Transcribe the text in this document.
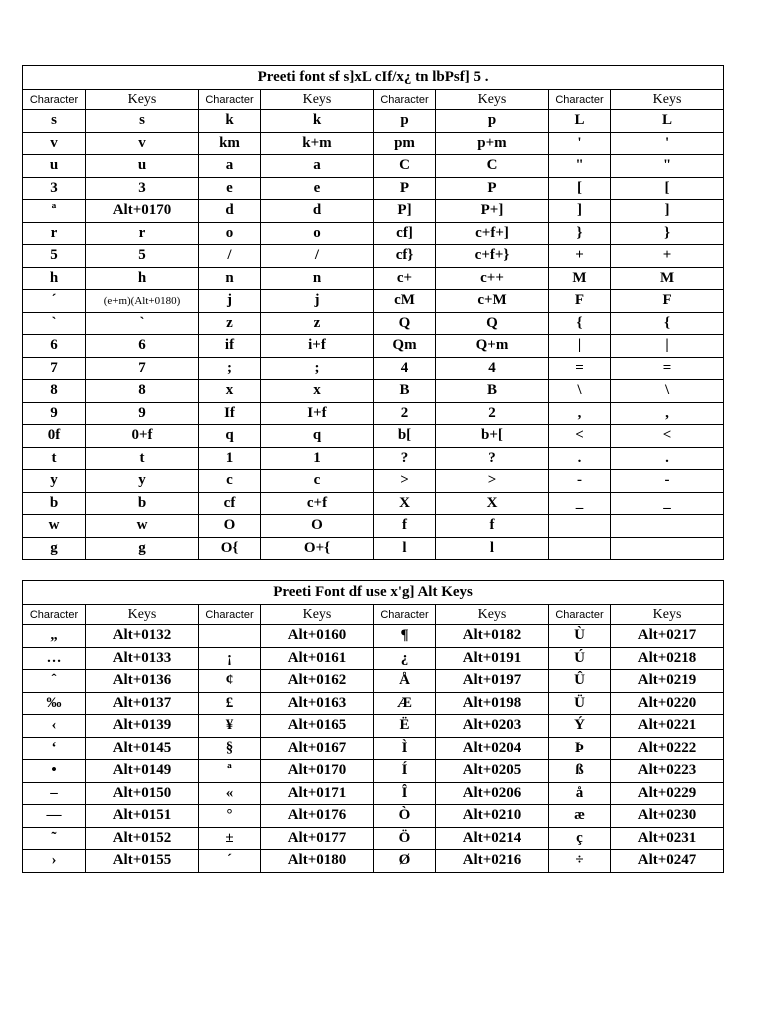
Preeti font sf s]xL cIf/x¿ tn lbPsf] 5 .							
Character	Keys	Character	Keys	Character	Keys	Character	Keys
s	s	k	k	p	p	L	L
v	v	km	k+m	pm	p+m	'	'
u	u	a	a	C	C	"	"
3	3	e	e	P	P	[	[
ª	Alt+0170	d	d	P]	P+]	]	]
r	r	o	o	cf]	c+f+]	}	}
5	5	/	/	cf}	c+f+}	+	+
h	h	n	n	c+	c++	M	M
´	(e+m)(Alt+0180)	j	j	cM	c+M	F	F
`	`	z	z	Q	Q	{	{
6	6	if	i+f	Qm	Q+m	|	|
7	7	;	;	4	4	=	=
8	8	x	x	B	B	\	\
9	9	If	I+f	2	2	,	,
0f	0+f	q	q	b[	b+[	<	<
t	t	1	1	?	?	.	.
y	y	c	c	>	>	-	-
b	b	cf	c+f	X	X	_	_
w	w	O	O	f	f		
g	g	O{	O+{	l	l		
Preeti Font df use x'g] Alt Keys							
Character	Keys	Character	Keys	Character	Keys	Character	Keys
„	Alt+0132		Alt+0160	¶	Alt+0182	Ù	Alt+0217
…	Alt+0133	¡	Alt+0161	¿	Alt+0191	Ú	Alt+0218
ˆ	Alt+0136	¢	Alt+0162	Å	Alt+0197	Û	Alt+0219
‰	Alt+0137	£	Alt+0163	Æ	Alt+0198	Ü	Alt+0220
‹	Alt+0139	¥	Alt+0165	Ë	Alt+0203	Ý	Alt+0221
‘	Alt+0145	§	Alt+0167	Ì	Alt+0204	Þ	Alt+0222
•	Alt+0149	ª	Alt+0170	Í	Alt+0205	ß	Alt+0223
–	Alt+0150	«	Alt+0171	Î	Alt+0206	å	Alt+0229
—	Alt+0151	°	Alt+0176	Ò	Alt+0210	æ	Alt+0230
˜	Alt+0152	±	Alt+0177	Ö	Alt+0214	ç	Alt+0231
›	Alt+0155	´	Alt+0180	Ø	Alt+0216	÷	Alt+0247
